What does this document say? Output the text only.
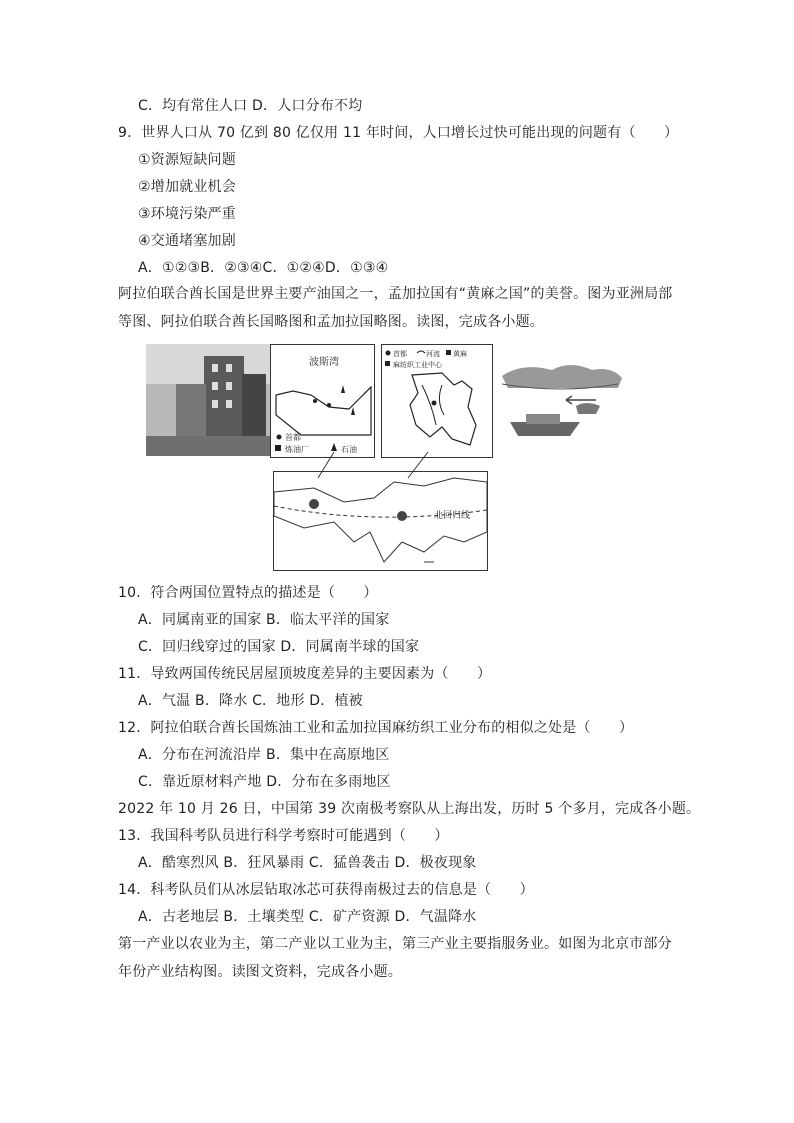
C．均有常住人口 D．人口分布不均
9．世界人口从 70 亿到 80 亿仅用 11 年时间，人口增长过快可能出现的问题有（　　）
①资源短缺问题
②增加就业机会
③环境污染严重
④交通堵塞加剧
A．①②③B．②③④C．①②④D．①③④
阿拉伯联合酋长国是世界主要产油国之一，孟加拉国有“黄麻之国”的美誉。图为亚洲局部等图、阿拉伯联合酋长国略图和孟加拉国略图。读图，完成各小题。
波斯湾
首都
炼油厂	石油
首都	河流 黄麻
麻纺织工业中心
北回归线
10．符合两国位置特点的描述是（　　）
A．同属南亚的国家 B．临太平洋的国家
C．回归线穿过的国家 D．同属南半球的国家
11．导致两国传统民居屋顶坡度差异的主要因素为（　　）
A．气温 B．降水 C．地形 D．植被
12．阿拉伯联合酋长国炼油工业和孟加拉国麻纺织工业分布的相似之处是（　　）
A．分布在河流沿岸 B．集中在高原地区
C．靠近原材料产地 D．分布在多雨地区
2022 年 10 月 26 日，中国第 39 次南极考察队从上海出发，历时 5 个多月，完成各小题。
13．我国科考队员进行科学考察时可能遇到（　　）
A．酷寒烈风 B．狂风暴雨 C．猛兽袭击 D．极夜现象
14．科考队员们从冰层钻取冰芯可获得南极过去的信息是（　　）
A．古老地层 B．土壤类型 C．矿产资源 D．气温降水
第一产业以农业为主，第二产业以工业为主，第三产业主要指服务业。如图为北京市部分年份产业结构图。读图文资料，完成各小题。
